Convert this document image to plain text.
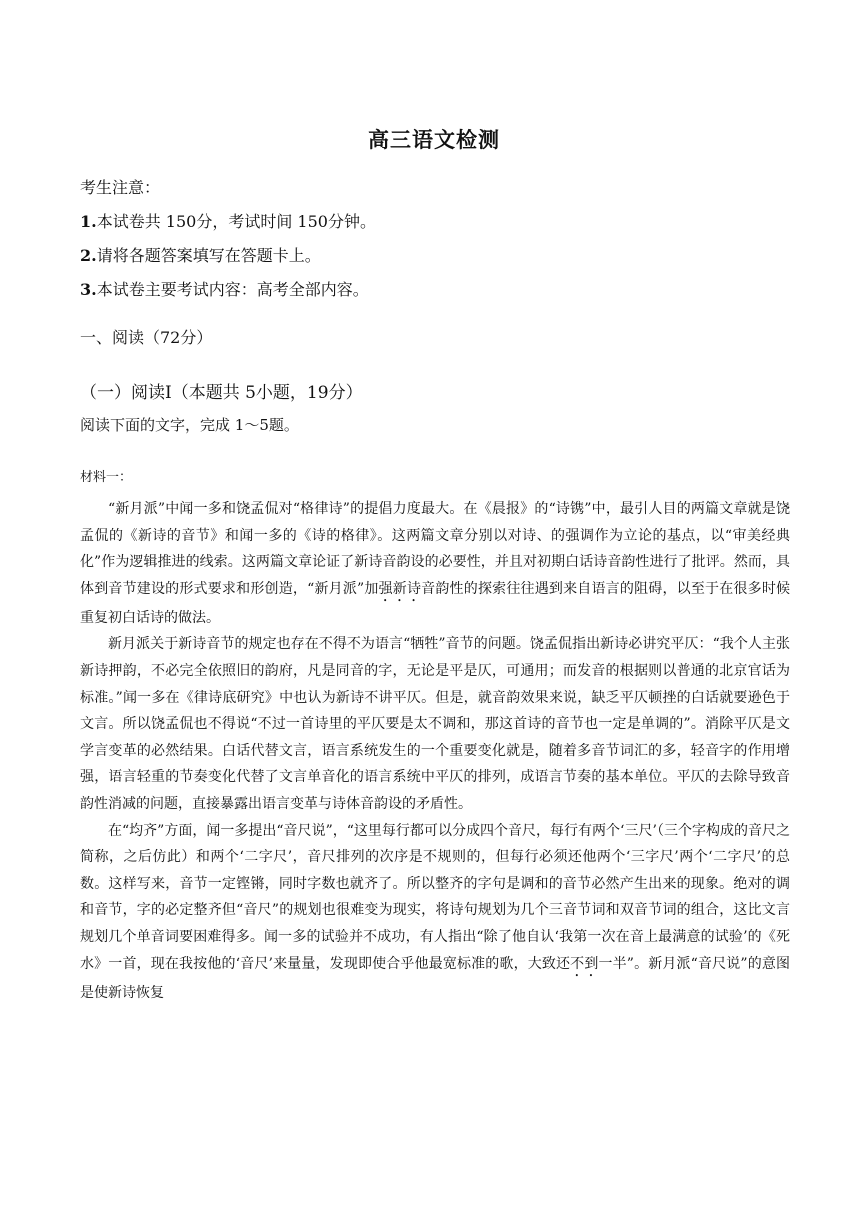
高三语文检测
考生注意：
1.本试卷共 150分，考试时间 150分钟。
2.请将各题答案填写在答题卡上。
3.本试卷主要考试内容：高考全部内容。
一、阅读（72分）
（一）阅读Ⅰ（本题共 5小题，19分）
阅读下面的文字，完成 1～5题。
材料一：

“新月派”中闻一多和饶孟侃对“格律诗”的提倡力度最大。在《晨报》的“诗镌”中，最引人目的两篇文章就是饶孟侃的《新诗的音节》和闻一多的《诗的格律》。这两篇文章分别以对诗、的强调作为立论的基点，以“审美经典化”作为逻辑推进的线索。这两篇文章论证了新诗音韵设的必要性，并且对初期白话诗音韵性进行了批评。然而，具体到音节建设的形式要求和形创造，“新月派”加强新诗音韵性的探索往往遇到来自语言的阻碍，以至于在很多时候重复初白话诗的做法。

新月派关于新诗音节的规定也存在不得不为语言“牺牲”音节的问题。饶孟侃指出新诗必讲究平仄：“我个人主张新诗押韵，不必完全依照旧的韵府，凡是同音的字，无论是平是仄，可通用；而发音的根据则以普通的北京官话为标准。”闻一多在《律诗底研究》中也认为新诗不讲平仄。但是，就音韵效果来说，缺乏平仄顿挫的白话就要逊色于文言。所以饶孟侃也不得说“不过一首诗里的平仄要是太不调和，那这首诗的音节也一定是单调的”。消除平仄是文学言变革的必然结果。白话代替文言，语言系统发生的一个重要变化就是，随着多音节词汇的多，轻音字的作用增强，语言轻重的节奏变化代替了文言单音化的语言系统中平仄的排列，成语言节奏的基本单位。平仄的去除导致音韵性消减的问题，直接暴露出语言变革与诗体音韵设的矛盾性。

在“均齐”方面，闻一多提出“音尺说”，“这里每行都可以分成四个音尺，每行有两个‘三尺’（三个字构成的音尺之简称，之后仿此）和两个‘二字尺’，音尺排列的次序是不规则的，但每行必须还他两个‘三字尺’两个‘二字尺’的总数。这样写来，音节一定铿锵，同时字数也就齐了。所以整齐的字句是调和的音节必然产生出来的现象。绝对的调和音节，字的必定整齐但“音尺”的规划也很难变为现实，将诗句规划为几个三音节词和双音节词的组合，这比文言规划几个单音词要困难得多。闻一多的试验并不成功，有人指出“除了他自认‘我第一次在音上最满意的试验’的《死水》一首，现在我按他的‘音尺’来量量，发现即使合乎他最宽标准的歌，大致还不到一半”。新月派“音尺说”的意图是使新诗恢复
